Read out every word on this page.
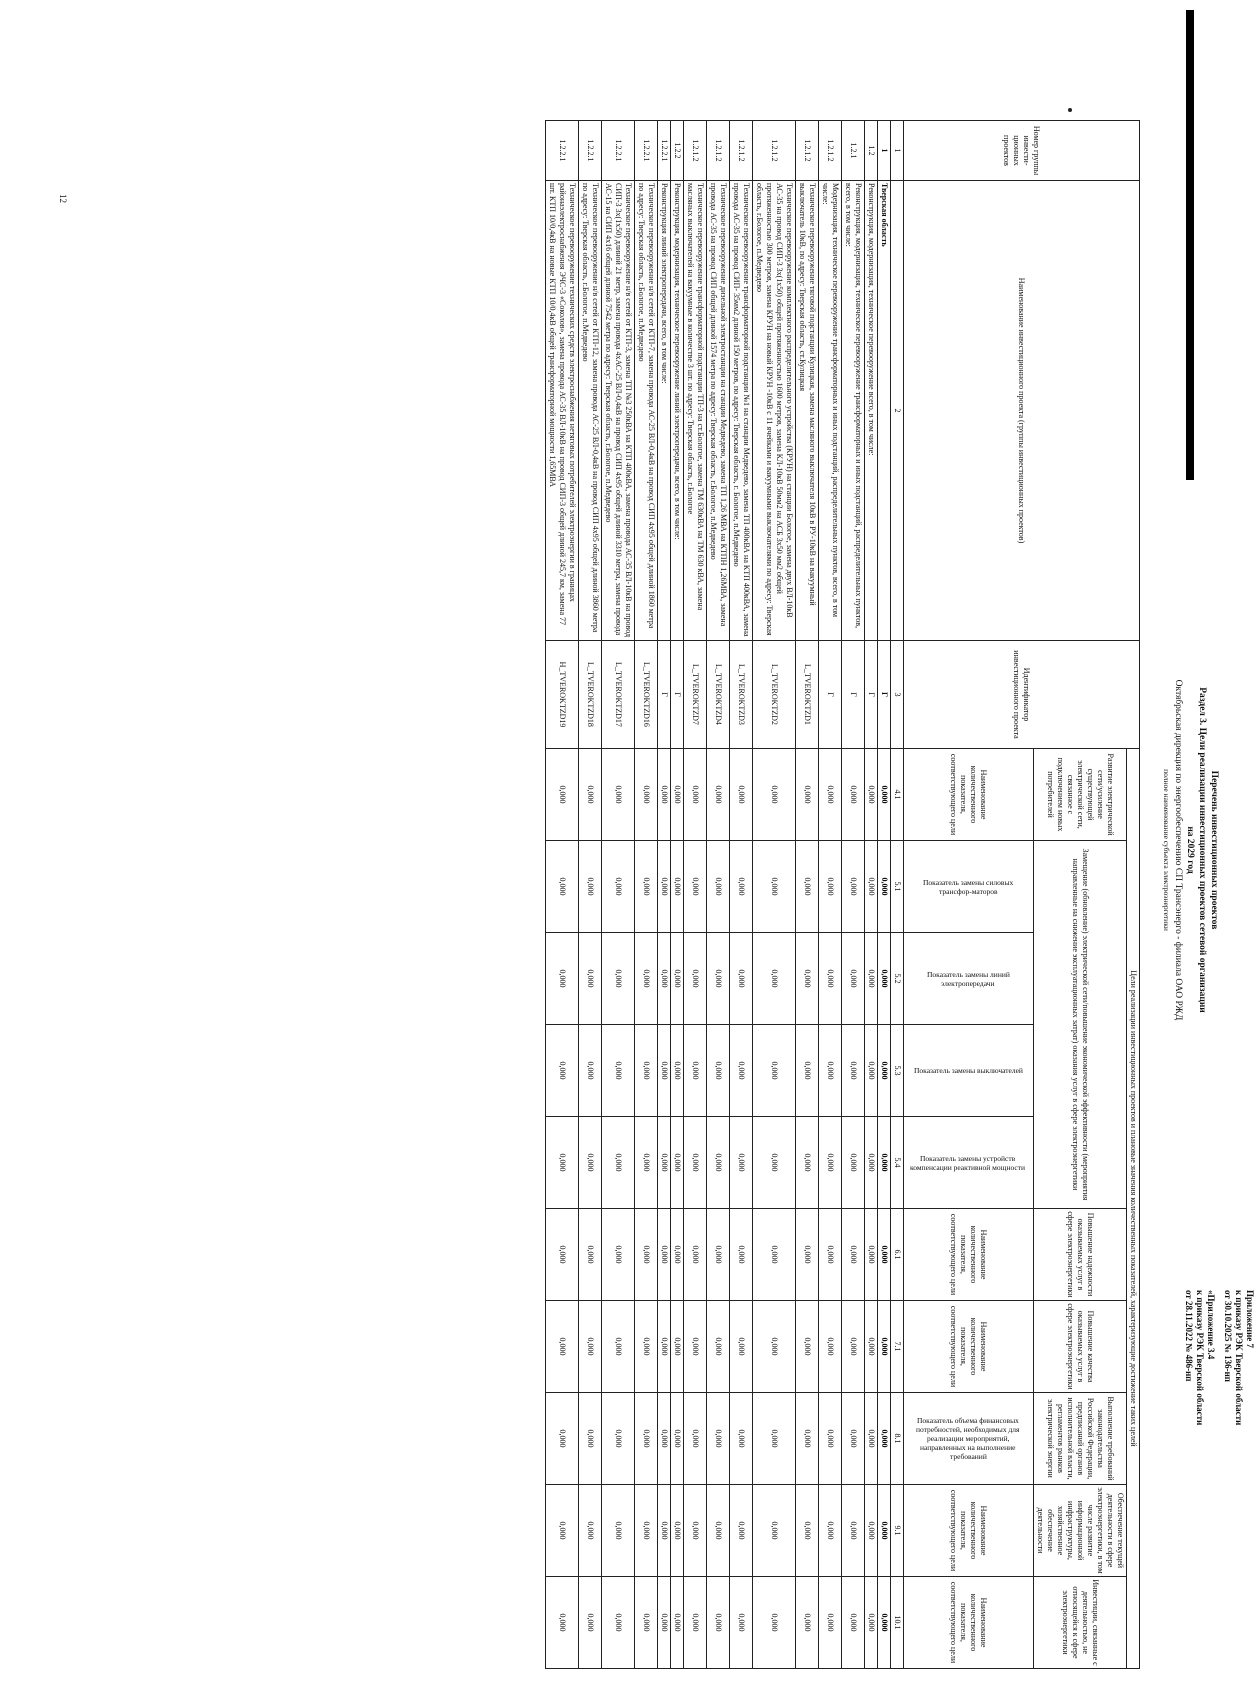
12
Приложение 7
к приказу РЭК Тверской области
от 30.10.2025 № 136-нп
«Приложение 3.4
к приказу РЭК Тверской области
от 28.11.2022 № 486-нп
Перечень инвестиционных проектов
Раздел 3. Цели реализации инвестиционных проектов сетевой организации
на 2029 год
Октябрьская дирекция по энергообеспечению СП Трансэнерго - филиала ОАО РЖД
полное наименование субъекта электроэнергетики
Номер группы инвести-ционных проектов	Наименование инвестиционного проекта (группы инвестиционных проектов)	Идентификатор инвестиционного проекта	Цели реализации инвестиционных проектов и плановые значения количественных показателей, характеризующие достижение таких целей									
			Развитие электрической сети/усиление существующей электрической сети, связанное с подключением новых потребителей	Замещение (обновление) электрической сети/повышение экономической эффективности (мероприятия направленные на снижение эксплуатационных затрат) оказания услуг в сфере электроэнергетики				Повышение надежности оказываемых услуг в сфере электроэнергетики	Повышение качества оказываемых услуг в сфере электроэнергетики	Выполнение требований законодательства Российской Федерации, предписаний органов исполнительной власти, регламентов рынков электрической энергии	Обеспечение текущей деятельности в сфере электроэнергетики, в том числе развитие информационной инфраструктуры, хозяйственное обеспечение деятельности	Инвестиции, связанные с деятельностью, не относящейся к сфере электроэнергетики
			Наименование количественного показателя, соответствующего цели	Показатель замены силовых трансфор-маторов	Показатель замены линий электропередачи	Показатель замены выключателей	Показатель замены устройств компенсации реактивной мощности	Наименование количественного показателя, соответствующего цели	Наименование количественного показателя, соответствующего цели	Показатель объема финансовых потребностей, необходимых для реализации мероприятий, направленных на выполнение требований	Наименование количественного показателя, соответствующего цели	Наименование количественного показателя, соответствующего цели
1	2	3	4.1	5.1	5.2	5.3	5.4	6.1	7.1	8.1	9.1	10.1
1	Тверская область	Г	0,000	0,000	0,000	0,000	0,000	0,000	0,000	0,000	0,000	0,000
1.2	Реконструкция, модернизация, техническое перевооружение всего, в том числе:	Г	0,000	0,000	0,000	0,000	0,000	0,000	0,000	0,000	0,000	0,000
1.2.1	Реконструкция, модернизация, техническое перевооружение трансформаторных и иных подстанций, распределительных пунктов, всего, в том числе:	Г	0,000	0,000	0,000	0,000	0,000	0,000	0,000	0,000	0,000	0,000
1.2.1.2	Модернизация, техническое перевооружение трансформаторных и иных подстанций, распределительных пунктов, всего, в том числе:	Г	0,000	0,000	0,000	0,000	0,000	0,000	0,000	0,000	0,000	0,000
1.2.1.2	Техническое перевооружение тяговой подстанции Кулицкая, замена масляного выключателя 10кВ в РУ-10кВ на вакуумный выключатель 10кВ, по адресу: Тверская область, ст.Кулицкая	L_TVEROKTZD1	0,000	0,000	0,000	0,000	0,000	0,000	0,000	0,000	0,000	0,000
1.2.1.2	Техническое перевооружение комплектного распределительного устройства (КРУН) на станции Бологое, замена двух ВЛ-10кВ АС-35 на провод СИП-3 3х(1х50) общей протяженностью 1600 метров, замена КЛ-10кВ 50мм2 на АСБ 3х50 мм2 общей протяженностью 300 метров, замена КРУН на новый КРУН -10кВ с 11 ячейками и вакуумными выключателями по адресу: Тверская область, г.Бологое, п.Медведево	L_TVEROKTZD2	0,000	0,000	0,000	0,000	0,000	0,000	0,000	0,000	0,000	0,000
1.2.1.2	Техническое перевооружение трансформаторной подстанции №1 на станции Медведево, замена ТП 400кВА на КТП 400кВА, замена провода АС-35 на провод СИП- 35мм2 длиной 150 метров, по адресу: Тверская область, г. Бологое, п.Медведево	L_TVEROKTZD3	0,000	0,000	0,000	0,000	0,000	0,000	0,000	0,000	0,000	0,000
1.2.1.2	Техническое перевооружение дизельной электростанции на станции Медведево, замена ТП 1,26 МВА на КТПН 1,26МВА, замена провода АС-35 на провод СИП общей длиной 1574 метра по адресу: Тверская область, г.Бологое, п.Медведево	L_TVEROKTZD4	0,000	0,000	0,000	0,000	0,000	0,000	0,000	0,000	0,000	0,000
1.2.1.2	Техническое перевооружение трансформаторной подстанции ТП-3 на ст.Бологое, замена ТМ 630кВА на ТМ 630 кВА, замена масляных выключателей на вакуумные в количестве 3 шт. по адресу: Тверская область, г.Бологое	L_TVEROKTZD7	0,000	0,000	0,000	0,000	0,000	0,000	0,000	0,000	0,000	0,000
1.2.2	Реконструкция, модернизация, техническое перевооружение линий электропередачи, всего, в том числе:	Г	0,000	0,000	0,000	0,000	0,000	0,000	0,000	0,000	0,000	0,000
1.2.2.1	Реконструкция линий электропередачи, всего, в том числе:	Г	0,000	0,000	0,000	0,000	0,000	0,000	0,000	0,000	0,000	0,000
1.2.2.1	Техническое перевооружение н/в сетей от КТП-7, замена провода АС-25 ВЛ-0,4кВ на провод СИП 4х95 общей длиной 1860 метра по адресу: Тверская область, г.Бологое, п.Медведево	L_TVEROKTZD16	0,000	0,000	0,000	0,000	0,000	0,000	0,000	0,000	0,000	0,000
1.2.2.1	Техническое перевооружение н/в сетей от КТП-3, замена ТП №3 250кВА на КТП 400кВА, замена провода АС-35 ВЛ-10кВ на провод СИП-3 3х(1х50) длиной 21 метр, замена провода 4хАС-25 ВЛ-0,4кВ на провод СИП 4х95 общей длиной 3310 метра, замена провода АС-15 на СИП 4х16 общей длиной 7542 метра по адресу: Тверская область, г.Бологое, п.Медведево	L_TVEROKTZD17	0,000	0,000	0,000	0,000	0,000	0,000	0,000	0,000	0,000	0,000
1.2.2.1	Техническое перевооружение н/в сетей от КТП-12, замена провода АС-25 ВЛ-0,4кВ на провод СИП 4х95 общей длиной 3860 метра по адресу: Тверская область, г.Бологое, п.Медведево	L_TVEROKTZD18	0,000	0,000	0,000	0,000	0,000	0,000	0,000	0,000	0,000	0,000
1.2.2.1	Техническое перевооружение технических средств электроснабжения нетяговых потребителей электроэнергии в границах районаэлектроснабжения ЭЧС-3 «Соколов», замена провода АС-35 ВЛ-10кВ на провод СИП-3 общей длиной 245,7 км, замена 77 шт. КТП 10/0,4кВ на новые КТП 10/0,4кВ общей трансформаторной мощности 1,65МВА	H_TVEROKTZD19	0,000	0,000	0,000	0,000	0,000	0,000	0,000	0,000	0,000	0,000
